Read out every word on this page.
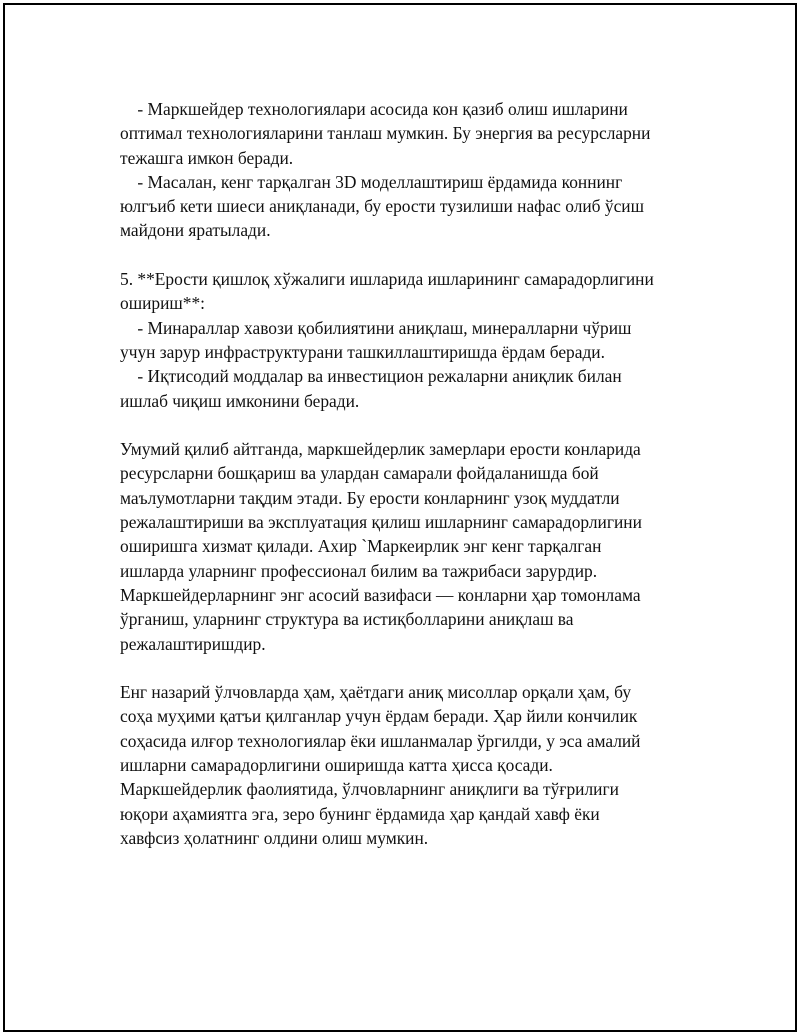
- Маркшейдер технологиялари асосида кон қазиб олиш ишларини
оптимал технологияларини танлаш мумкин. Бу энергия ва ресурсларни
тежашга имкон беради.
- Масалан, кенг тарқалган 3D моделлаштириш ёрдамида коннинг
юлгъиб кети шиеси аниқланади, бу ерости тузилиши нафас олиб ўсиш
майдони яратылади.
5. **Ерости қишлоқ хўжалиги ишларида ишларининг самарадорлигини
ошириш**:
- Минараллар хавози қобилиятини аниқлаш, минералларни чўриш
учун зарур инфраструктурани ташкиллаштиришда ёрдам беради.
- Иқтисодий моддалар ва инвестицион режаларни аниқлик билан
ишлаб чиқиш имконини беради.
Умумий қилиб айтганда, маркшейдерлик замерлари ерости конларида
ресурсларни бошқариш ва улардан самарали фойдаланишда бой
маълумотларни тақдим этади. Бу ерости конларнинг узоқ муддатли
режалаштириши ва эксплуатация қилиш ишларнинг самарадорлигини
оширишга хизмат қилади. Ахир `Маркеирлик энг кенг тарқалган
ишларда уларнинг профессионал билим ва тажрибаси зарурдир.
Маркшейдерларнинг энг асосий вазифаси — конларни ҳар томонлама
ўрганиш, уларнинг структура ва истиқболларини аниқлаш ва
режалаштиришдир.
Енг назарий ўлчовларда ҳам, ҳаётдаги аниқ мисоллар орқали ҳам, бу
соҳа муҳими қатъи қилганлар учун ёрдам беради. Ҳар йили кончилик
соҳасида илғор технологиялар ёки ишланмалар ўргилди, у эса амалий
ишларни самарадорлигини оширишда катта ҳисса қосади.
Маркшейдерлик фаолиятида, ўлчовларнинг аниқлиги ва тўғрилиги
юқори аҳамиятга эга, зеро бунинг ёрдамида ҳар қандай хавф ёки
хавфсиз ҳолатнинг олдини олиш мумкин.
